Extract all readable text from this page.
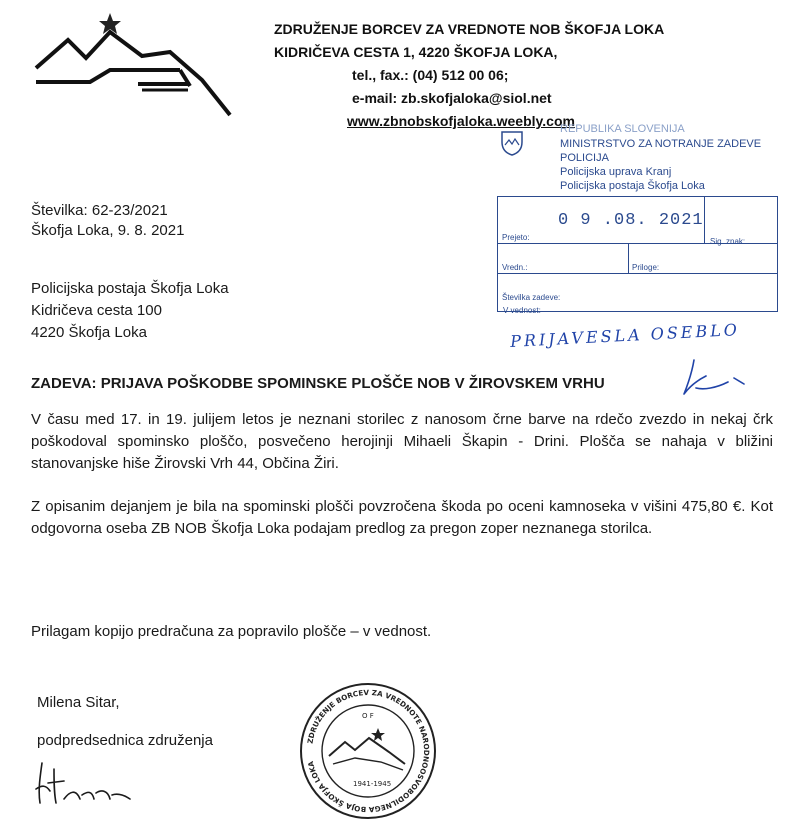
ZDRUŽENJE BORCEV ZA VREDNOTE NOB ŠKOFJA LOKA
KIDRIČEVA CESTA 1, 4220 ŠKOFJA LOKA,
tel., fax.: (04) 512 00 06;
e-mail: zb.skofjaloka@siol.net
www.zbnobskofjaloka.weebly.com
REPUBLIKA SLOVENIJA
MINISTRSTVO ZA NOTRANJE ZADEVE
POLICIJA
Policijska uprava Kranj
Policijska postaja Škofja Loka
0 9 .08. 2021
Prejeto:	Sig. znak:
Vredn.:	Priloge:
Številka zadeve:
V vednost:
Številka: 62-23/2021
Škofja Loka, 9. 8. 2021
Policijska postaja Škofja Loka
Kidričeva cesta 100
4220 Škofja Loka	PRIJAVESLA OSEBLO
ZADEVA: PRIJAVA POŠKODBE SPOMINSKE PLOŠČE NOB V ŽIROVSKEM VRHU
V času med 17. in 19. julijem letos je neznani storilec z nanosom črne barve na rdečo zvezdo in nekaj črk poškodoval spominsko ploščo, posvečeno herojinji Mihaeli Škapin - Drini. Plošča se nahaja v bližini stanovanjske hiše Žirovski Vrh 44, Občina Žiri.
Z opisanim dejanjem je bila na spominski plošči povzročena škoda po oceni kamnoseka v višini 475,80 €. Kot odgovorna oseba ZB NOB Škofja Loka podajam predlog za pregon zoper neznanega storilca.
Prilagam kopijo predračuna za popravilo plošče – v vednost.
Milena Sitar,
podpredsednica združenja	ZDRUŽENJE BORCEV ZA VREDNOTE NARODNOOSVOBODILNEGA BOJA ŠKOFJA LOKA
O F
1941-1945
